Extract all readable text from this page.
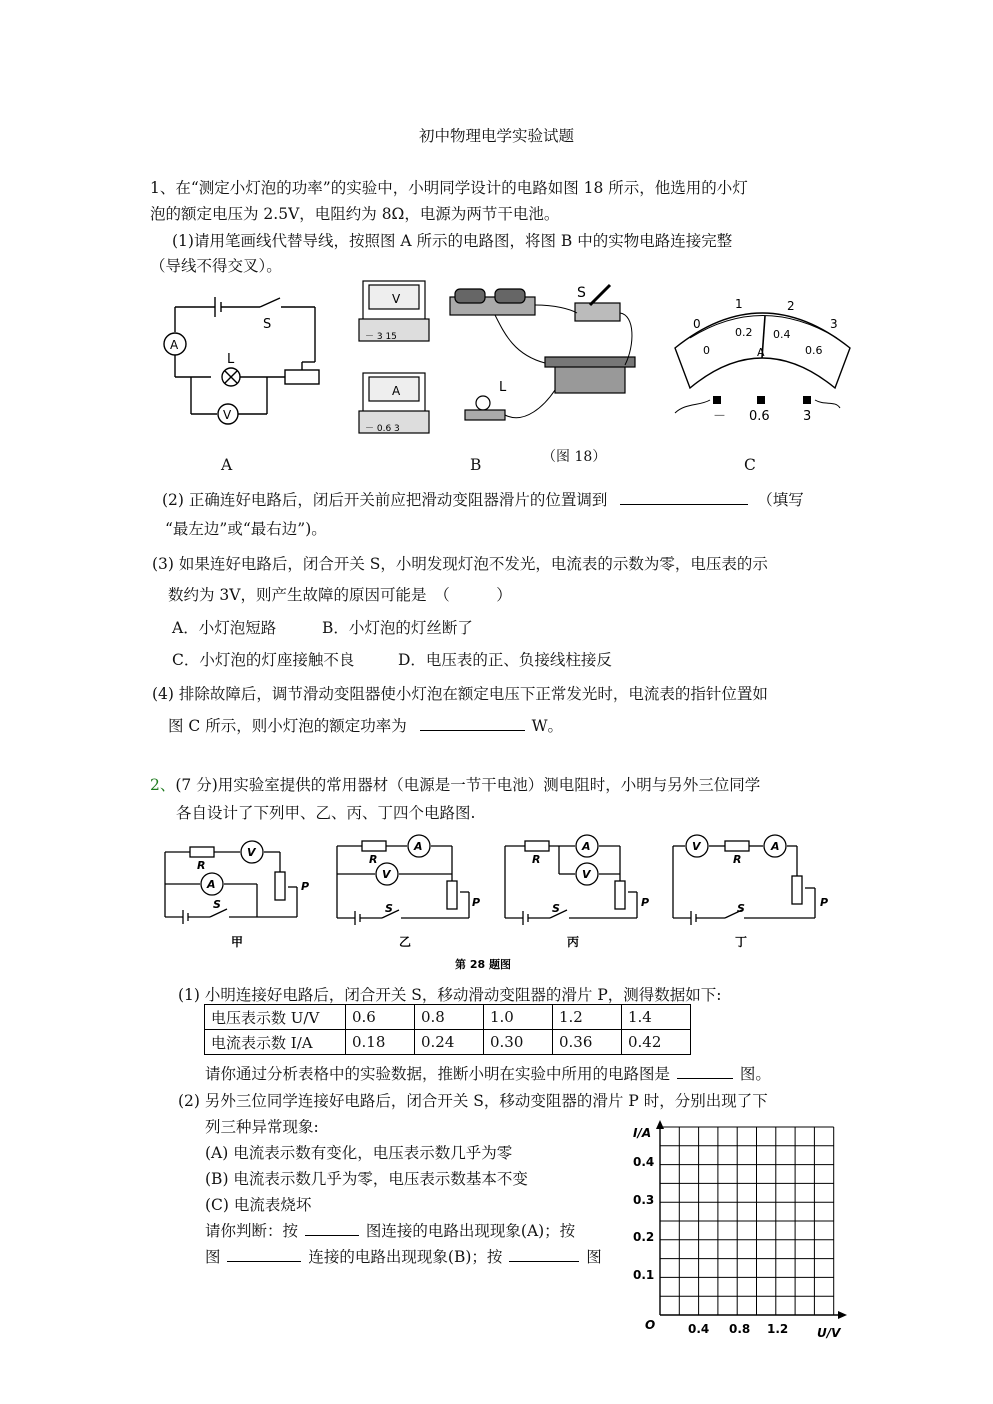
初中物理电学实验试题
1、在“测定小灯泡的功率”的实验中，小明同学设计的电路如图 18 所示，他选用的小灯
泡的额定电压为 2.5V，电阻约为 8Ω，电源为两节干电池。
(1)请用笔画线代替导线，按照图 A 所示的电路图，将图 B 中的实物电路连接完整
（导线不得交叉）。
A
S
L
V
A
V
－ 3 15
A
－ 0.6 3
S
L
B	（图 18）
0
1	2
3
0
0.2 0.4
0.6
A
－ 0.6	3
C
(2) 正确连好电路后，闭后开关前应把滑动变阻器滑片的位置调到	（填写
“最左边”或“最右边”)。
(3) 如果连好电路后，闭合开关 S，小明发现灯泡不发光，电流表的示数为零，电压表的示
数约为 3V，则产生故障的原因可能是　（　　　）
A．小灯泡短路	B．小灯泡的灯丝断了
C．小灯泡的灯座接触不良	D．电压表的正、负接线柱接反
(4) 排除故障后，调节滑动变阻器使小灯泡在额定电压下正常发光时，电流表的指针位置如
图 C 所示，则小灯泡的额定功率为	W。
2、(7 分)用实验室提供的常用器材（电源是一节干电池）测电阻时，小明与另外三位同学
各自设计了下列甲、乙、丙、丁四个电路图.
R
V
A
S
P
R
A
V
S	P
R
A
V
S	P
V
R
A
S	P
甲	乙	丙	丁
第 28 题图
(1) 小明连接好电路后，闭合开关 S，移动滑动变阻器的滑片 P，测得数据如下:
电压表示数 U/V	0.6	0.8	1.0	1.2	1.4
电流表示数 I/A	0.18	0.24	0.30	0.36	0.42
请你通过分析表格中的实验数据，推断小明在实验中所用的电路图是	图。
(2) 另外三位同学连接好电路后，闭合开关 S，移动变阻器的滑片 P 时，分别出现了下
列三种异常现象:
(A) 电流表示数有变化，电压表示数几乎为零
(B) 电流表示数几乎为零，电压表示数基本不变
(C) 电流表烧坏
请你判断：按	图连接的电路出现现象(A)；按
图	连接的电路出现现象(B)；按	图
I/A
U/V
O
0.1
0.2
0.3
0.4
0.4 0.8 1.2
